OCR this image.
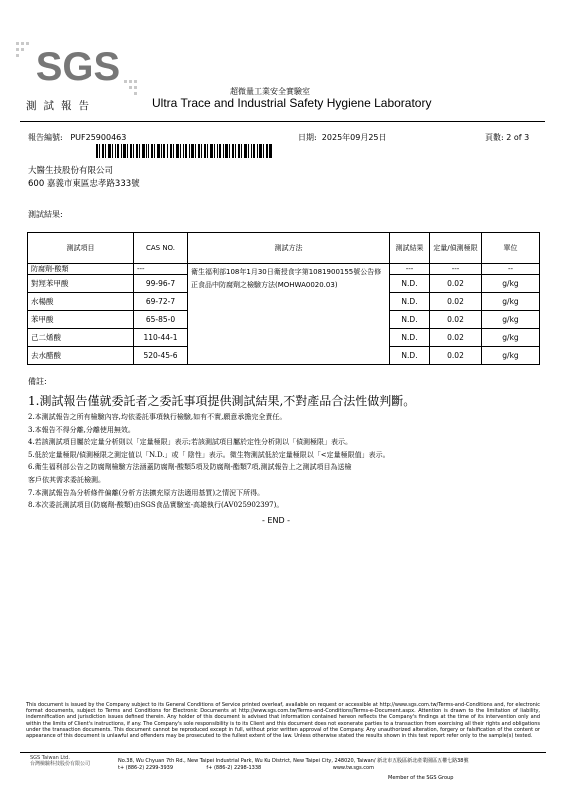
SGS
超微量工業安全實驗室
測試報告	Ultra Trace and Industrial Safety Hygiene Laboratory
報告編號: PUF25900463	日期: 2025年09月25日	頁數: 2 of 3
大醫生技股份有限公司
600 嘉義市東區忠孝路333號
測試結果:
測試項目	CAS NO.	測試方法	測試結果	定量/偵測極限	單位
防腐劑-酸類	---	衛生福利部108年1月30日衛授食字第1081900155號公告修正食品中防腐劑之檢驗方法(MOHWA0020.03)	---	---	--
對羥苯甲酸	99-96-7		N.D.	0.02	g/kg
水楊酸	69-72-7		N.D.	0.02	g/kg
苯甲酸	65-85-0		N.D.	0.02	g/kg
己二烯酸	110-44-1		N.D.	0.02	g/kg
去水醋酸	520-45-6		N.D.	0.02	g/kg
備註:
1.測試報告僅就委託者之委託事項提供測試結果,不對產品合法性做判斷。
2.本測試報告之所有檢驗內容,均依委託事項執行檢驗,如有不實,願意承擔完全責任。
3.本報告不得分離,分離使用無效。
4.若該測試項目屬於定量分析則以「定量極限」表示;若該測試項目屬於定性分析則以「偵測極限」表示。
5.低於定量極限/偵測極限之測定值以「N.D.」或「 陰性」表示。微生物測試低於定量極限以「<定量極限值」表示。
6.衛生福利部公告之防腐劑檢驗方法涵蓋防腐劑-酸類5項及防腐劑-酯類7項,測試報告上之測試項目為送檢
客戶依其需求委託檢測。
7.本測試報告為分析條件偏離(分析方法擴充原方法適用基質)之情況下所得。
8.本次委託測試項目(防腐劑-酸類)由SGS食品實驗室-高雄執行(AV025902397)。
- END -
This document is issued by the Company subject to its General Conditions of Service printed overleaf, available on request or accessible at http://www.sgs.com.tw/Terms-and-Conditions and, for electronic format documents, subject to Terms and Conditions for Electronic Documents at http://www.sgs.com.tw/Terms-and-Conditions/Terms-e-Document.aspx. Attention is drawn to the limitation of liability, indemnification and jurisdiction issues defined therein. Any holder of this document is advised that information contained hereon reflects the Company's findings at the time of its intervention only and within the limits of Client's instructions, if any. The Company's sole responsibility is to its Client and this document does not exonerate parties to a transaction from exercising all their rights and obligations under the transaction documents. This document cannot be reproduced except in full, without prior written approval of the Company. Any unauthorized alteration, forgery or falsification of the content or appearance of this document is unlawful and offenders may be prosecuted to the fullest extent of the law. Unless otherwise stated the results shown in this test report refer only to the sample(s) tested.
SGS Taiwan Ltd.
台灣檢驗科技股份有限公司	No.38, Wu Chyuan 7th Rd., New Taipei Industrial Park, Wu Ku District, New Taipei City, 248020, Taiwan/ 新北市五股區新北產業園區五權七路38號
t+ (886-2) 2299-3939	f+ (886-2) 2298-1338	www.tw.sgs.com
Member of the SGS Group
